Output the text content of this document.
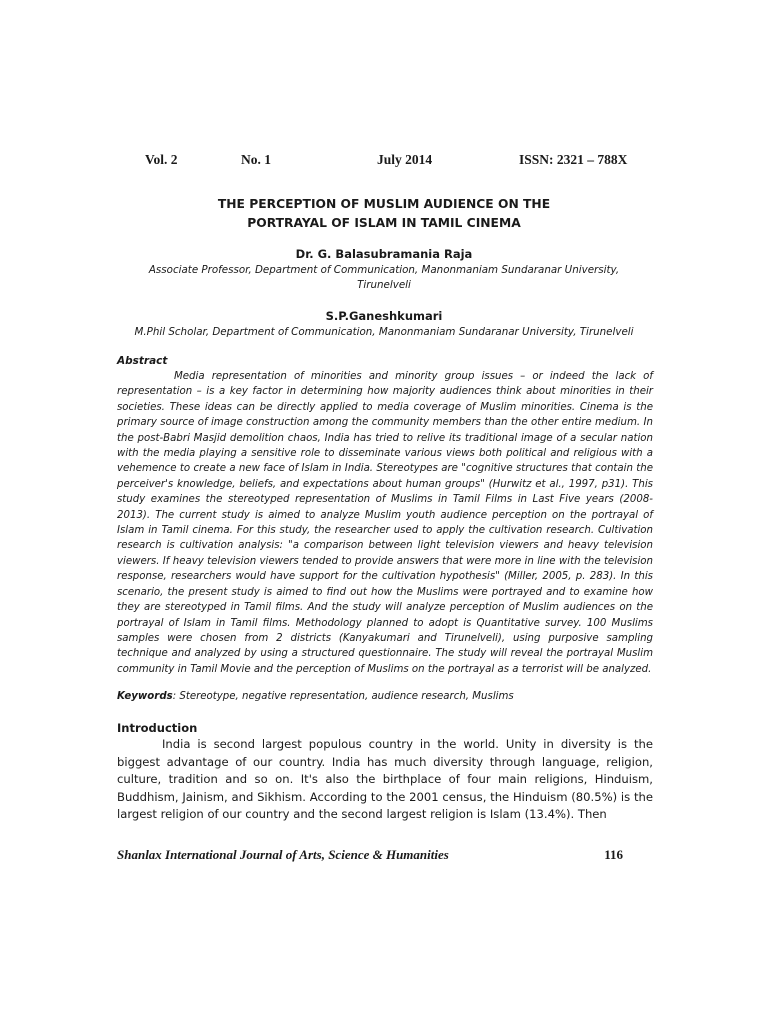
Vol. 2	No. 1	July 2014	ISSN: 2321 – 788X
THE PERCEPTION OF MUSLIM AUDIENCE ON THE
PORTRAYAL OF ISLAM IN TAMIL CINEMA
Dr. G. Balasubramania Raja
Associate Professor, Department of Communication, Manonmaniam Sundaranar University,
Tirunelveli
S.P.Ganeshkumari
M.Phil Scholar, Department of Communication, Manonmaniam Sundaranar University, Tirunelveli
Abstract

Media representation of minorities and minority group issues – or indeed the lack of representation – is a key factor in determining how majority audiences think about minorities in their societies. These ideas can be directly applied to media coverage of Muslim minorities. Cinema is the primary source of image construction among the community members than the other entire medium. In the post-Babri Masjid demolition chaos, India has tried to relive its traditional image of a secular nation with the media playing a sensitive role to disseminate various views both political and religious with a vehemence to create a new face of Islam in India. Stereotypes are "cognitive structures that contain the perceiver's knowledge, beliefs, and expectations about human groups" (Hurwitz et al., 1997, p31). This study examines the stereotyped representation of Muslims in Tamil Films in Last Five years (2008-2013). The current study is aimed to analyze Muslim youth audience perception on the portrayal of Islam in Tamil cinema. For this study, the researcher used to apply the cultivation research. Cultivation research is cultivation analysis: "a comparison between light television viewers and heavy television viewers. If heavy television viewers tended to provide answers that were more in line with the television response, researchers would have support for the cultivation hypothesis" (Miller, 2005, p. 283). In this scenario, the present study is aimed to find out how the Muslims were portrayed and to examine how they are stereotyped in Tamil films. And the study will analyze perception of Muslim audiences on the portrayal of Islam in Tamil films. Methodology planned to adopt is Quantitative survey. 100 Muslims samples were chosen from 2 districts (Kanyakumari and Tirunelveli), using purposive sampling technique and analyzed by using a structured questionnaire. The study will reveal the portrayal Muslim community in Tamil Movie and the perception of Muslims on the portrayal as a terrorist will be analyzed.

Keywords: Stereotype, negative representation, audience research, Muslims
Introduction

India is second largest populous country in the world. Unity in diversity is the biggest advantage of our country. India has much diversity through language, religion, culture, tradition and so on. It's also the birthplace of four main religions, Hinduism, Buddhism, Jainism, and Sikhism. According to the 2001 census, the Hinduism (80.5%) is the largest religion of our country and the second largest religion is Islam (13.4%). Then

Shanlax International Journal of Arts, Science & Humanities	116
